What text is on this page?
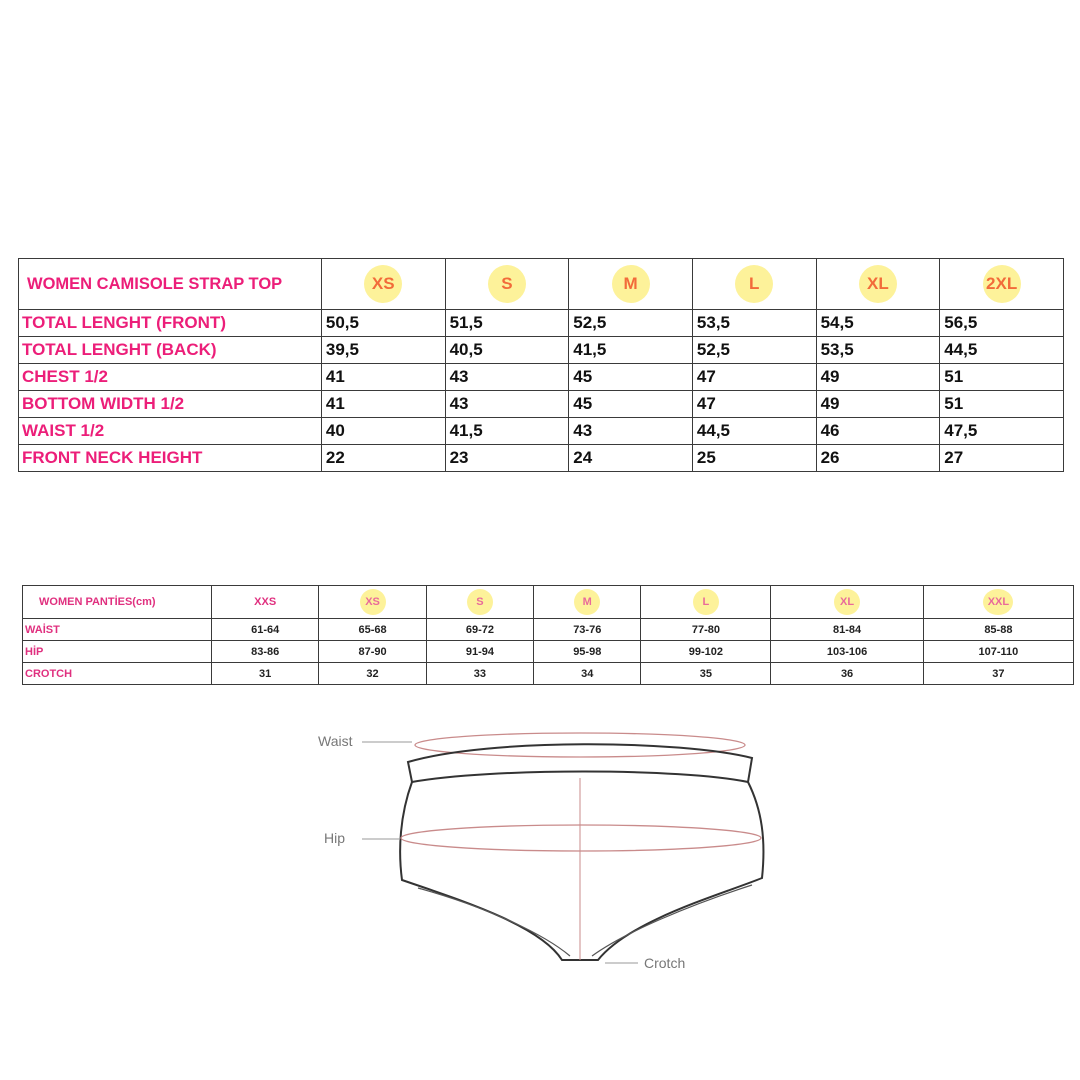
WOMEN CAMISOLE STRAP TOP	XS	S	M	L	XL	2XL
TOTAL LENGHT (FRONT)	50,5	51,5	52,5	53,5	54,5	56,5
TOTAL LENGHT (BACK)	39,5	40,5	41,5	52,5	53,5	44,5
CHEST 1/2	41	43	45	47	49	51
BOTTOM WIDTH 1/2	41	43	45	47	49	51
WAIST 1/2	40	41,5	43	44,5	46	47,5
FRONT NECK HEIGHT	22	23	24	25	26	27
WOMEN PANTİES(cm)	XXS	XS	S	M	L	XL	XXL
WAİST	61-64	65-68	69-72	73-76	77-80	81-84	85-88
HİP	83-86	87-90	91-94	95-98	99-102	103-106	107-110
CROTCH	31	32	33	34	35	36	37
Waist
Hip
Crotch
